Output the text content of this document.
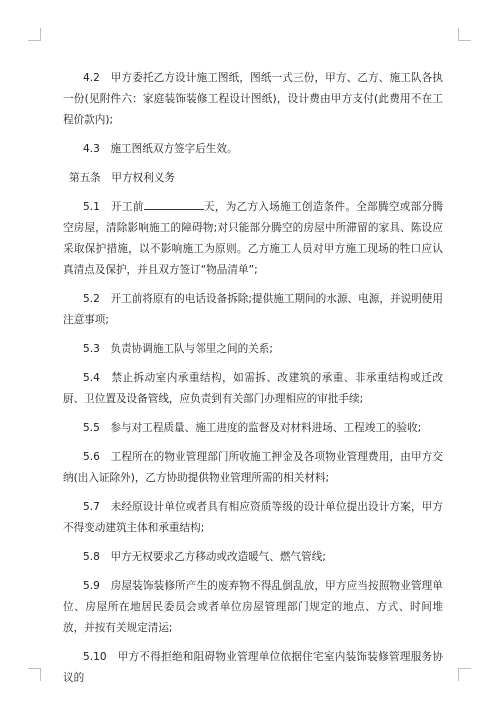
4.2　甲方委托乙方设计施工图纸，图纸一式三份，甲方、乙方、施工队各执一份(见附件六：家庭装饰装修工程设计图纸)，设计费由甲方支付(此费用不在工程价款内);

4.3　施工图纸双方签字后生效。

第五条　甲方权利义务

5.1　开工前	天，为乙方入场施工创造条件。全部腾空或部分腾空房屋，清除影响施工的障碍物;对只能部分腾空的房屋中所滞留的家具、陈设应采取保护措施，以不影响施工为原则。乙方施工人员对甲方施工现场的牲口应认真清点及保护，并且双方签订“物品清单”;

5.2　开工前将原有的电话设备拆除;提供施工期间的水源、电源，并说明使用注意事项;

5.3　负责协调施工队与邻里之间的关系;

5.4　禁止拆动室内承重结构，如需拆、改建筑的承重、非承重结构或迁改厨、卫位置及设备管线，应负责到有关部门办理相应的审批手续;

5.5　参与对工程质量、施工进度的监督及对材料进场、工程竣工的验收;

5.6　工程所在的物业管理部门所收施工押金及各项物业管理费用，由甲方交纳(出入证除外)，乙方协助提供物业管理所需的相关材料;

5.7　未经原设计单位或者具有相应资质等级的设计单位提出设计方案，甲方不得变动建筑主体和承重结构;

5.8　甲方无权要求乙方移动或改造暖气、燃气管线;

5.9　房屋装饰装修所产生的废弃物不得乱倒乱放，甲方应当按照物业管理单位、房屋所在地居民委员会或者单位房屋管理部门规定的地点、方式、时间堆放，并按有关规定清运;

5.10　甲方不得拒绝和阻碍物业管理单位依据住宅室内装饰装修管理服务协议的
